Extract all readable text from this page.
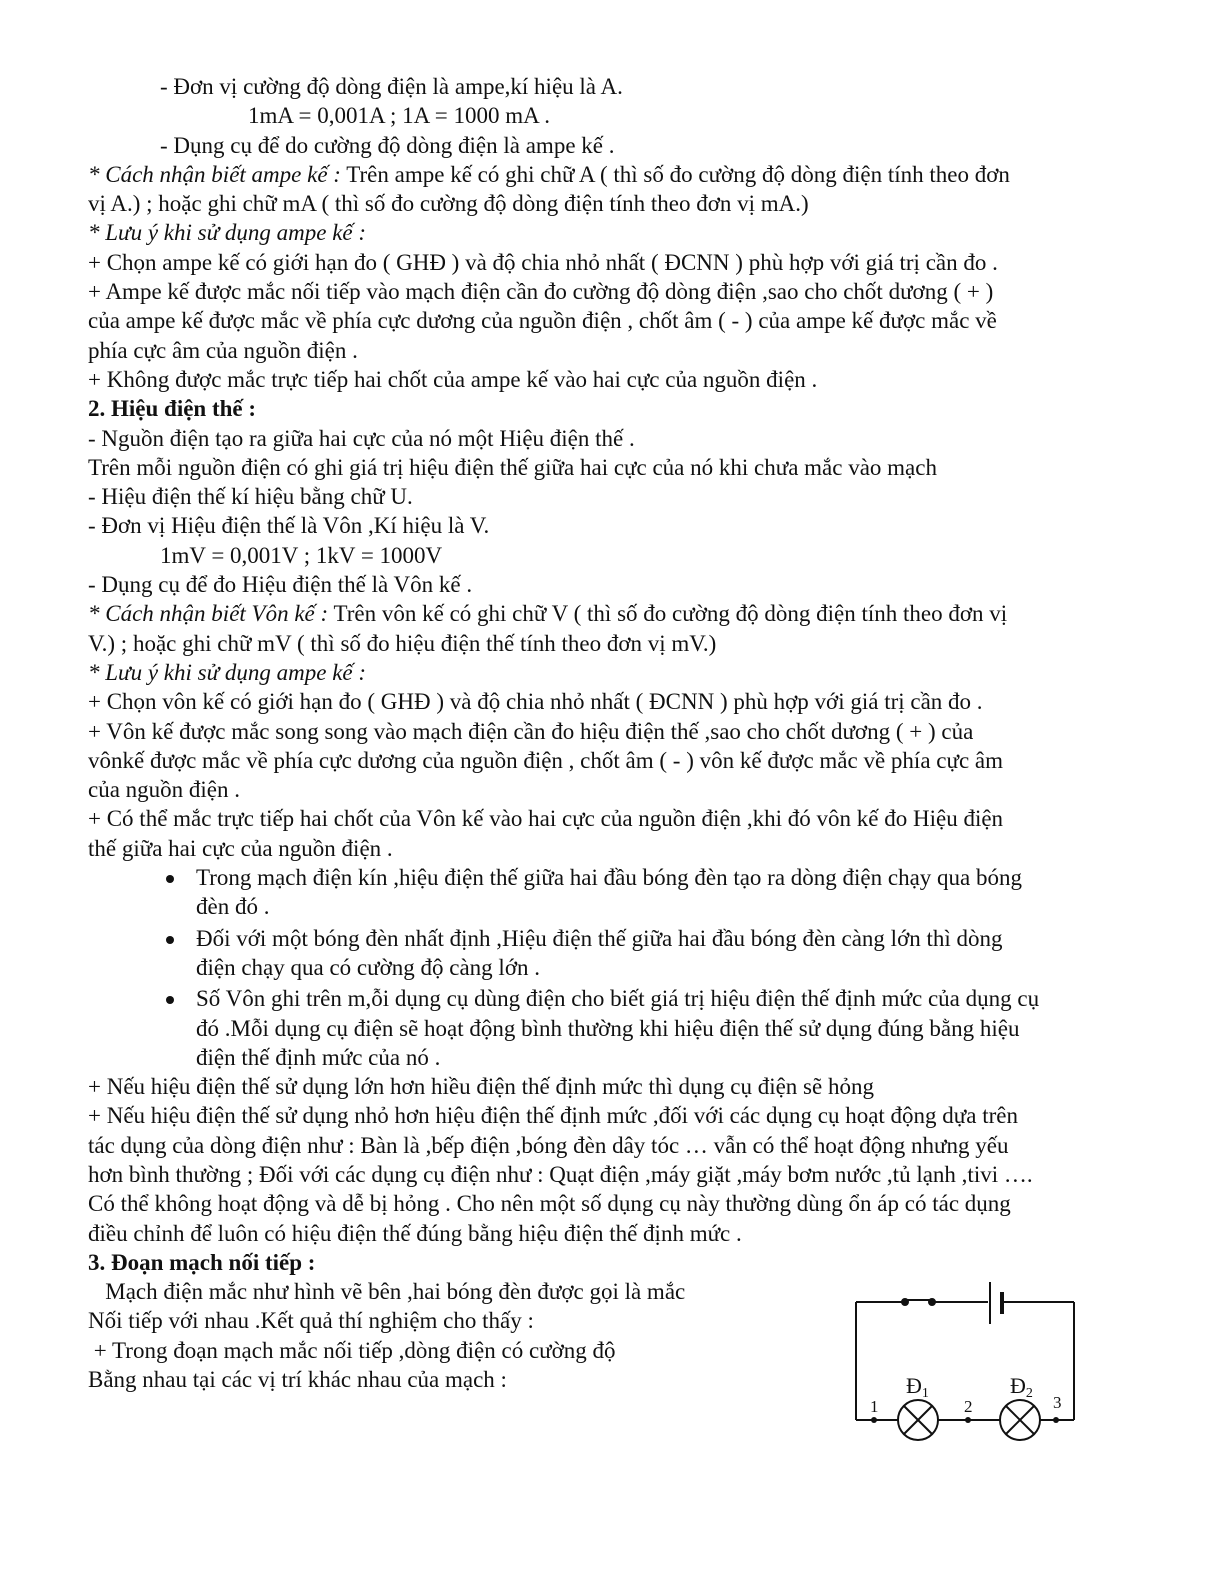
- Đơn vị cường độ dòng điện là ampe,kí hiệu là A.
1mA = 0,001A ; 1A = 1000 mA .
- Dụng cụ để do cường độ dòng điện là ampe kế .
* Cách nhận biết ampe kế : Trên ampe kế có ghi chữ A ( thì số đo cường độ dòng điện tính theo đơn
vị A.) ; hoặc ghi chữ mA ( thì số đo cường độ dòng điện tính theo đơn vị mA.)
* Lưu ý khi sử dụng ampe kế :
+ Chọn ampe kế có giới hạn đo ( GHĐ ) và độ chia nhỏ nhất ( ĐCNN ) phù hợp với giá trị cần đo .
+ Ampe kế được mắc nối tiếp vào mạch điện cần đo cường độ dòng điện ,sao cho chốt dương ( + )
của ampe kế được mắc về phía cực dương của nguồn điện , chốt âm ( - ) của ampe kế được mắc về
phía cực âm của nguồn điện .
+ Không được mắc trực tiếp hai chốt của ampe kế vào hai cực của nguồn điện .
2. Hiệu điện thế :
- Nguồn điện tạo ra giữa hai cực của nó một Hiệu điện thế .
Trên mỗi nguồn điện có ghi giá trị hiệu điện thế giữa hai cực của nó khi chưa mắc vào mạch
- Hiệu điện thế kí hiệu bằng chữ U.
- Đơn vị Hiệu điện thế là Vôn ,Kí hiệu là V.
1mV = 0,001V ; 1kV = 1000V
- Dụng cụ để đo Hiệu điện thế là Vôn kế .
* Cách nhận biết Vôn kế : Trên vôn kế có ghi chữ V ( thì số đo cường độ dòng điện tính theo đơn vị
V.) ; hoặc ghi chữ mV ( thì số đo hiệu điện thế tính theo đơn vị mV.)
* Lưu ý khi sử dụng ampe kế :
+ Chọn vôn kế có giới hạn đo ( GHĐ ) và độ chia nhỏ nhất ( ĐCNN ) phù hợp với giá trị cần đo .
+ Vôn kế được mắc song song vào mạch điện cần đo hiệu điện thế ,sao cho chốt dương ( + ) của
vônkế được mắc về phía cực dương của nguồn điện , chốt âm ( - ) vôn kế được mắc về phía cực âm
của nguồn điện .
+ Có thể mắc trực tiếp hai chốt của Vôn kế vào hai cực của nguồn điện ,khi đó vôn kế đo Hiệu điện
thế giữa hai cực của nguồn điện .
Trong mạch điện kín ,hiệu điện thế giữa hai đầu bóng đèn tạo ra dòng điện chạy qua bóng
đèn đó .
Đối với một bóng đèn nhất định ,Hiệu điện thế giữa hai đầu bóng đèn càng lớn thì dòng
điện chạy qua có cường độ càng lớn .
Số Vôn ghi trên m,ỗi dụng cụ dùng điện cho biết giá trị hiệu điện thế định mức của dụng cụ
đó .Mỗi dụng cụ điện sẽ hoạt động bình thường khi hiệu điện thế sử dụng đúng bằng hiệu
điện thế định mức của nó .
+ Nếu hiệu điện thế sử dụng lớn hơn hiều điện thế định mức thì dụng cụ điện sẽ hỏng
+ Nếu hiệu điện thế sử dụng nhỏ hơn hiệu điện thế định mức ,đối với các dụng cụ hoạt động dựa trên
tác dụng của dòng điện như : Bàn là ,bếp điện ,bóng đèn dây tóc … vẫn có thể hoạt động nhưng yếu
hơn bình thường ; Đối với các dụng cụ điện như : Quạt điện ,máy giặt ,máy bơm nước ,tủ lạnh ,tivi ….
Có thể không hoạt động và dễ bị hỏng . Cho nên một số dụng cụ này thường dùng ổn áp có tác dụng
điều chỉnh để luôn có hiệu điện thế đúng bằng hiệu điện thế định mức .
3. Đoạn mạch nối tiếp :
Mạch điện mắc như hình vẽ bên ,hai bóng đèn được gọi là mắc
Nối tiếp với nhau .Kết quả thí nghiệm cho thấy :
+ Trong đoạn mạch mắc nối tiếp ,dòng điện có cường độ
Bằng nhau tại các vị trí khác nhau của mạch :	Đ1	Đ2
1	2	3
